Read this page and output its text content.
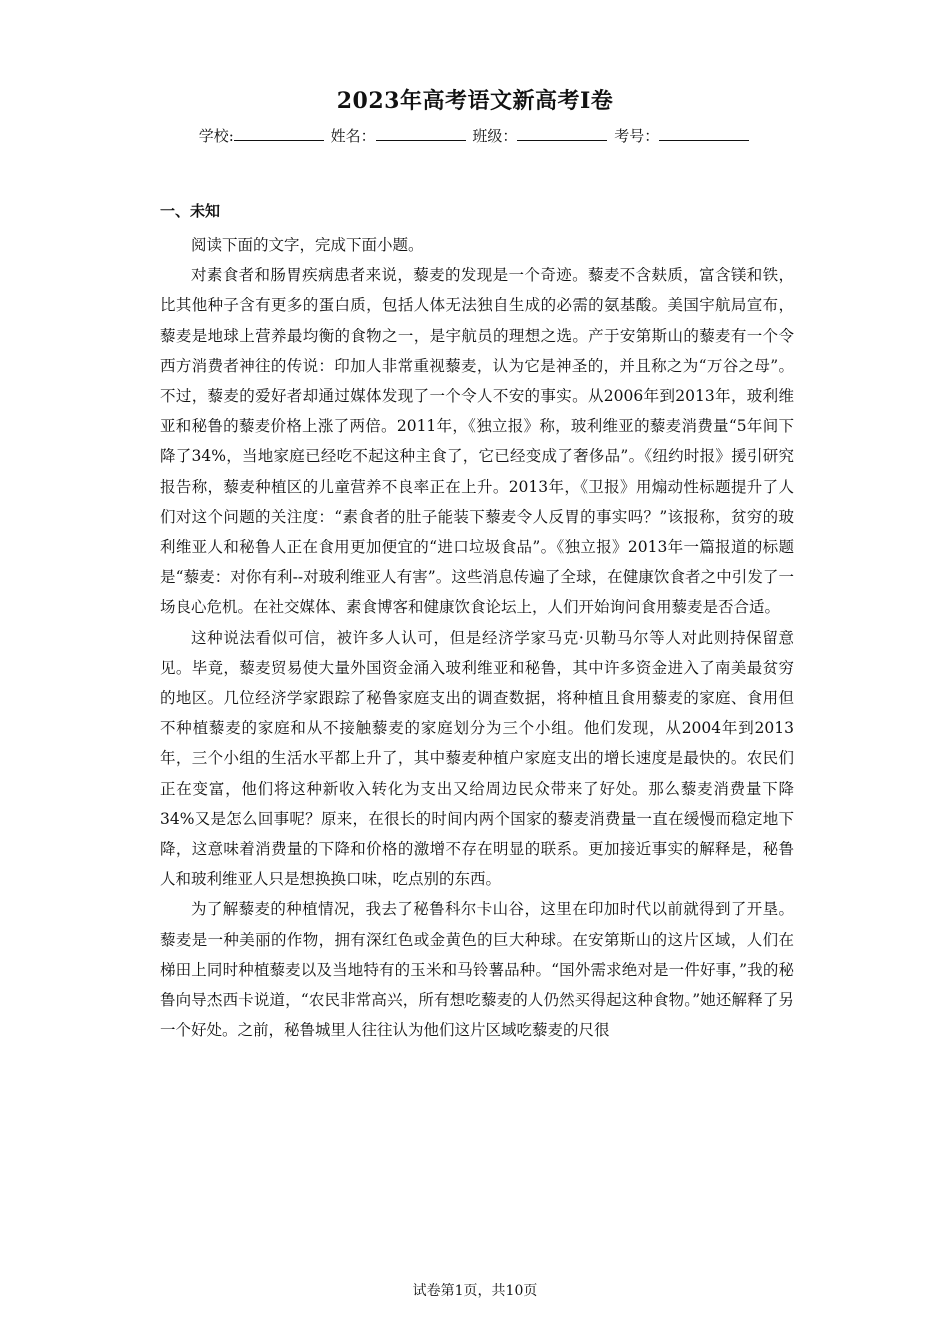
2023年高考语文新高考Ⅰ卷
学校:	姓名：	班级：	考号：
一、未知

阅读下面的文字，完成下面小题。

对素食者和肠胃疾病患者来说，藜麦的发现是一个奇迹。藜麦不含麸质，富含镁和铁，比其他种子含有更多的蛋白质，包括人体无法独自生成的必需的氨基酸。美国宇航局宣布，藜麦是地球上营养最均衡的食物之一，是宇航员的理想之选。产于安第斯山的藜麦有一个令西方消费者神往的传说：印加人非常重视藜麦，认为它是神圣的，并且称之为“万谷之母”。不过，藜麦的爱好者却通过媒体发现了一个令人不安的事实。从2006年到2013年，玻利维亚和秘鲁的藜麦价格上涨了两倍。2011年，《独立报》称，玻利维亚的藜麦消费量“5年间下降了34%，当地家庭已经吃不起这种主食了，它已经变成了奢侈品”。《纽约时报》援引研究报告称，藜麦种植区的儿童营养不良率正在上升。2013年，《卫报》用煽动性标题提升了人们对这个问题的关注度：“素食者的肚子能装下藜麦令人反胃的事实吗？”该报称，贫穷的玻利维亚人和秘鲁人正在食用更加便宜的“进口垃圾食品”。《独立报》2013年一篇报道的标题是“藜麦：对你有利--对玻利维亚人有害”。这些消息传遍了全球，在健康饮食者之中引发了一场良心危机。在社交媒体、素食博客和健康饮食论坛上，人们开始询问食用藜麦是否合适。

这种说法看似可信，被许多人认可，但是经济学家马克·贝勒马尔等人对此则持保留意见。毕竟，藜麦贸易使大量外国资金涌入玻利维亚和秘鲁，其中许多资金进入了南美最贫穷的地区。几位经济学家跟踪了秘鲁家庭支出的调查数据，将种植且食用藜麦的家庭、食用但不种植藜麦的家庭和从不接触藜麦的家庭划分为三个小组。他们发现，从2004年到2013年，三个小组的生活水平都上升了，其中藜麦种植户家庭支出的增长速度是最快的。农民们正在变富，他们将这种新收入转化为支出又给周边民众带来了好处。那么藜麦消费量下降34%又是怎么回事呢？原来，在很长的时间内两个国家的藜麦消费量一直在缓慢而稳定地下降，这意味着消费量的下降和价格的激增不存在明显的联系。更加接近事实的解释是，秘鲁人和玻利维亚人只是想换换口味，吃点别的东西。

为了解藜麦的种植情况，我去了秘鲁科尔卡山谷，这里在印加时代以前就得到了开垦。藜麦是一种美丽的作物，拥有深红色或金黄色的巨大种球。在安第斯山的这片区域，人们在梯田上同时种植藜麦以及当地特有的玉米和马铃薯品种。“国外需求绝对是一件好事，”我的秘鲁向导杰西卡说道，“农民非常高兴，所有想吃藜麦的人仍然买得起这种食物。”她还解释了另一个好处。之前，秘鲁城里人往往认为他们这片区域吃藜麦的尺很

试卷第1页，共10页
